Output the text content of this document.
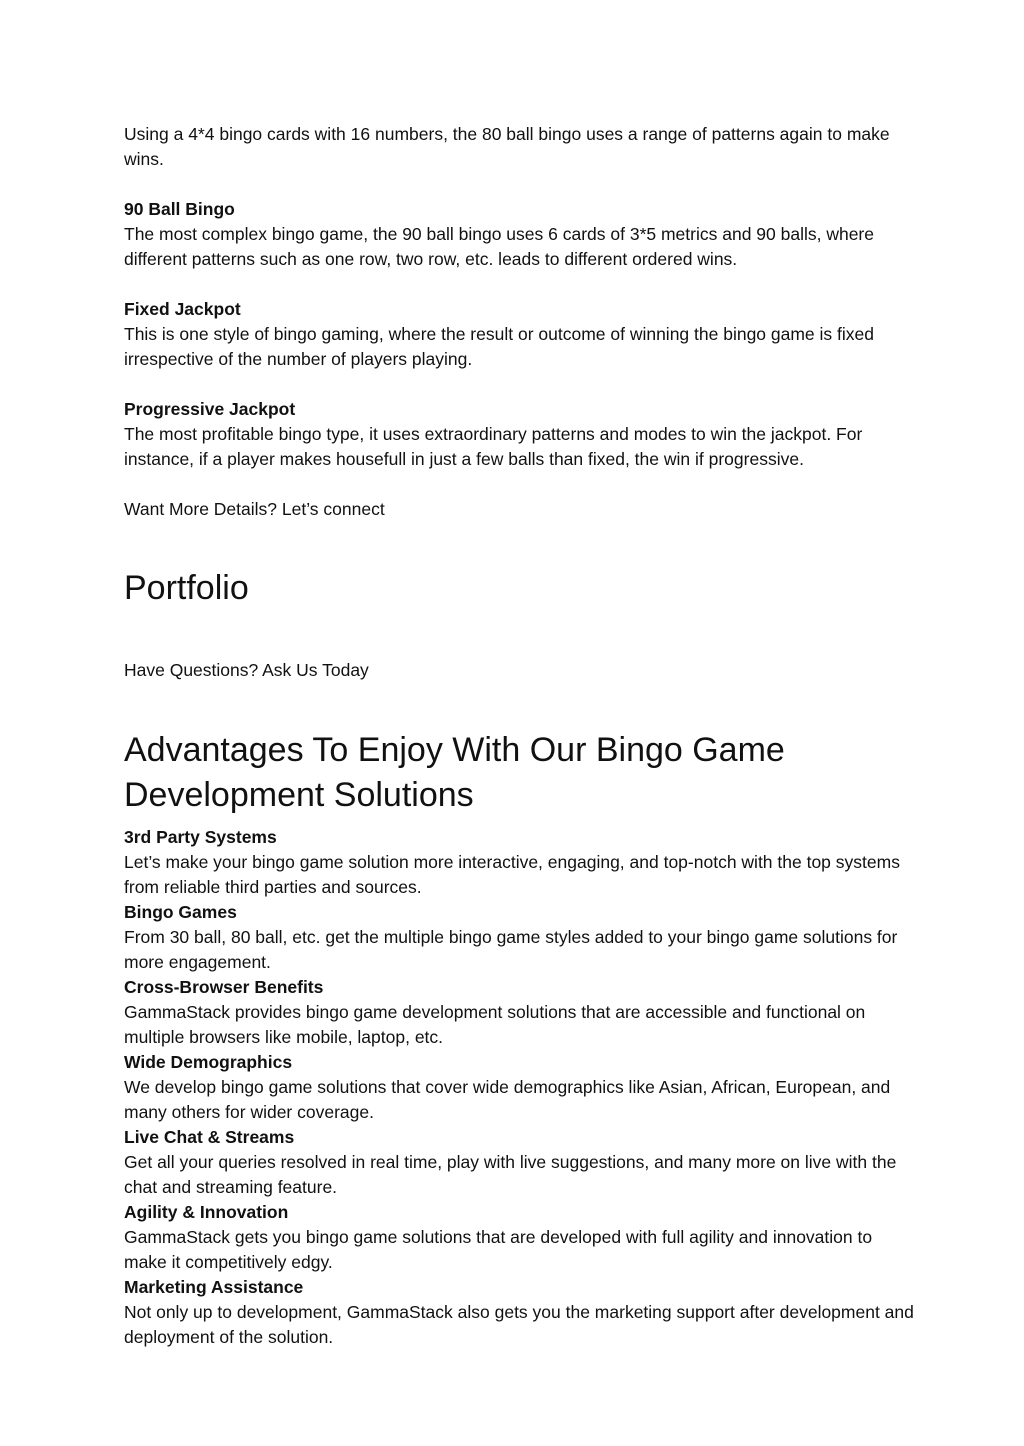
Using a 4*4 bingo cards with 16 numbers, the 80 ball bingo uses a range of patterns again to make wins.

90 Ball Bingo

The most complex bingo game, the 90 ball bingo uses 6 cards of 3*5 metrics and 90 balls, where different patterns such as one row, two row, etc. leads to different ordered wins.

Fixed Jackpot

This is one style of bingo gaming, where the result or outcome of winning the bingo game is fixed irrespective of the number of players playing.

Progressive Jackpot

The most profitable bingo type, it uses extraordinary patterns and modes to win the jackpot. For instance, if a player makes housefull in just a few balls than fixed, the win if progressive.

Want More Details? Let’s connect

Portfolio

Have Questions? Ask Us Today

Advantages To Enjoy With Our Bingo Game Development Solutions

3rd Party Systems

Let’s make your bingo game solution more interactive, engaging, and top-notch with the top systems from reliable third parties and sources.

Bingo Games

From 30 ball, 80 ball, etc. get the multiple bingo game styles added to your bingo game solutions for more engagement.

Cross-Browser Benefits

GammaStack provides bingo game development solutions that are accessible and functional on multiple browsers like mobile, laptop, etc.

Wide Demographics

We develop bingo game solutions that cover wide demographics like Asian, African, European, and many others for wider coverage.

Live Chat & Streams

Get all your queries resolved in real time, play with live suggestions, and many more on live with the chat and streaming feature.

Agility & Innovation

GammaStack gets you bingo game solutions that are developed with full agility and innovation to make it competitively edgy.

Marketing Assistance

Not only up to development, GammaStack also gets you the marketing support after development and deployment of the solution.
